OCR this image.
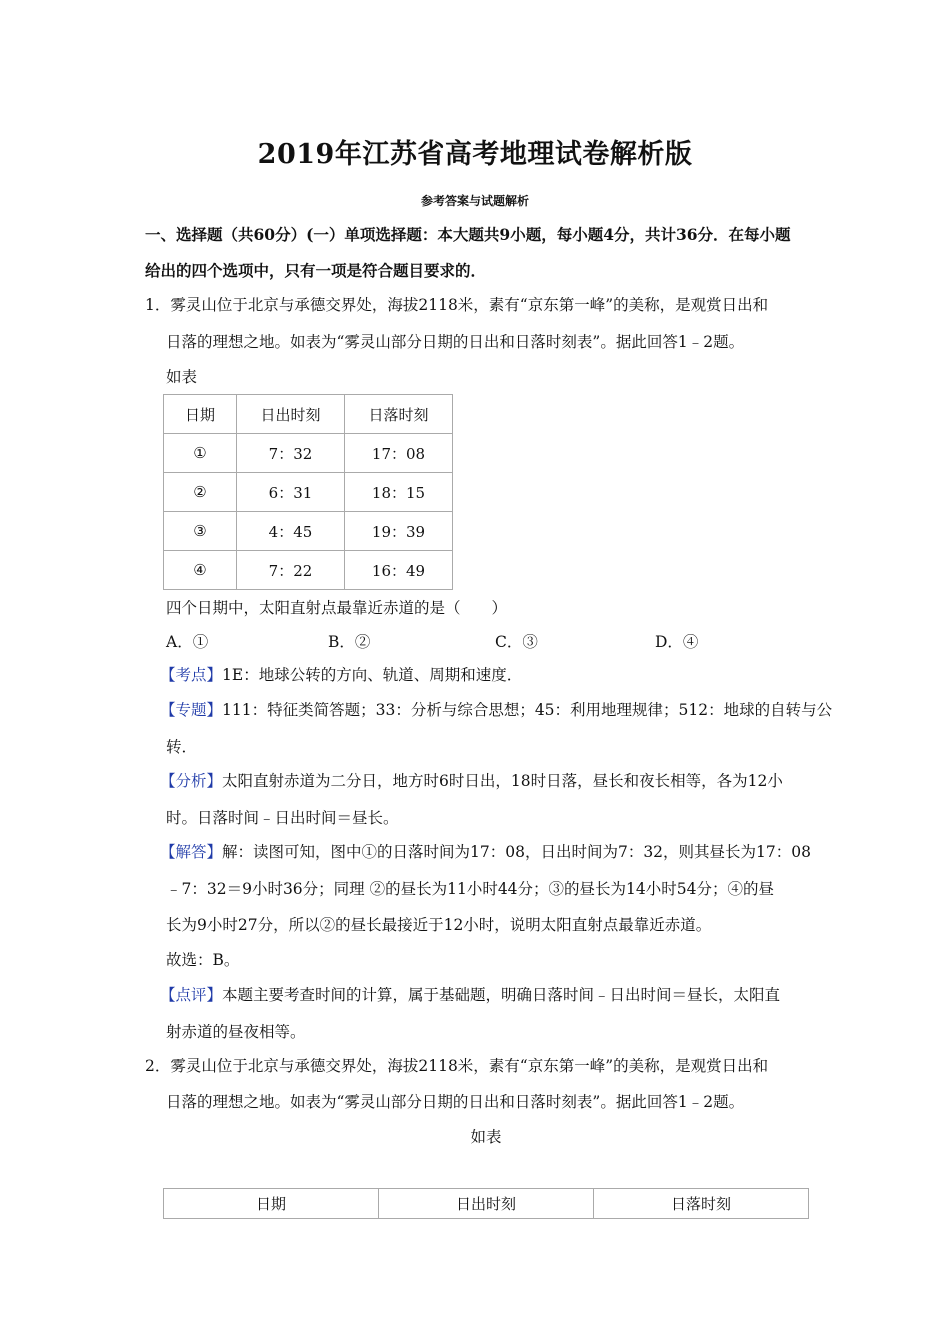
2019年江苏省高考地理试卷解析版
参考答案与试题解析
一、选择题（共60分）(一）单项选择题：本大题共9小题，每小题4分，共计36分．在每小题
给出的四个选项中，只有一项是符合题目要求的．
1．雾灵山位于北京与承德交界处，海拔2118米，素有“京东第一峰”的美称，是观赏日出和
日落的理想之地。如表为“雾灵山部分日期的日出和日落时刻表”。据此回答1﹣2题。
如表
日期	日出时刻	日落时刻
①	7：32	17：08
②	6：31	18：15
③	4：45	19：39
④	7：22	16：49
四个日期中，太阳直射点最靠近赤道的是（　　）
A．①	B．②	C．③	D．④
【考点】1E：地球公转的方向、轨道、周期和速度．
【专题】111：特征类简答题；33：分析与综合思想；45：利用地理规律；512：地球的自转与公
转．
【分析】太阳直射赤道为二分日，地方时6时日出，18时日落，昼长和夜长相等，各为12小
时。日落时间﹣日出时间＝昼长。
【解答】解：读图可知，图中①的日落时间为17：08，日出时间为7：32，则其昼长为17：08
﹣7：32＝9小时36分；同理 ②的昼长为11小时44分；③的昼长为14小时54分；④的昼
长为9小时27分，所以②的昼长最接近于12小时，说明太阳直射点最靠近赤道。
故选：B。
【点评】本题主要考查时间的计算，属于基础题，明确日落时间﹣日出时间＝昼长，太阳直
射赤道的昼夜相等。
2．雾灵山位于北京与承德交界处，海拔2118米，素有“京东第一峰”的美称，是观赏日出和
日落的理想之地。如表为“雾灵山部分日期的日出和日落时刻表”。据此回答1﹣2题。
如表
日期	日出时刻	日落时刻
